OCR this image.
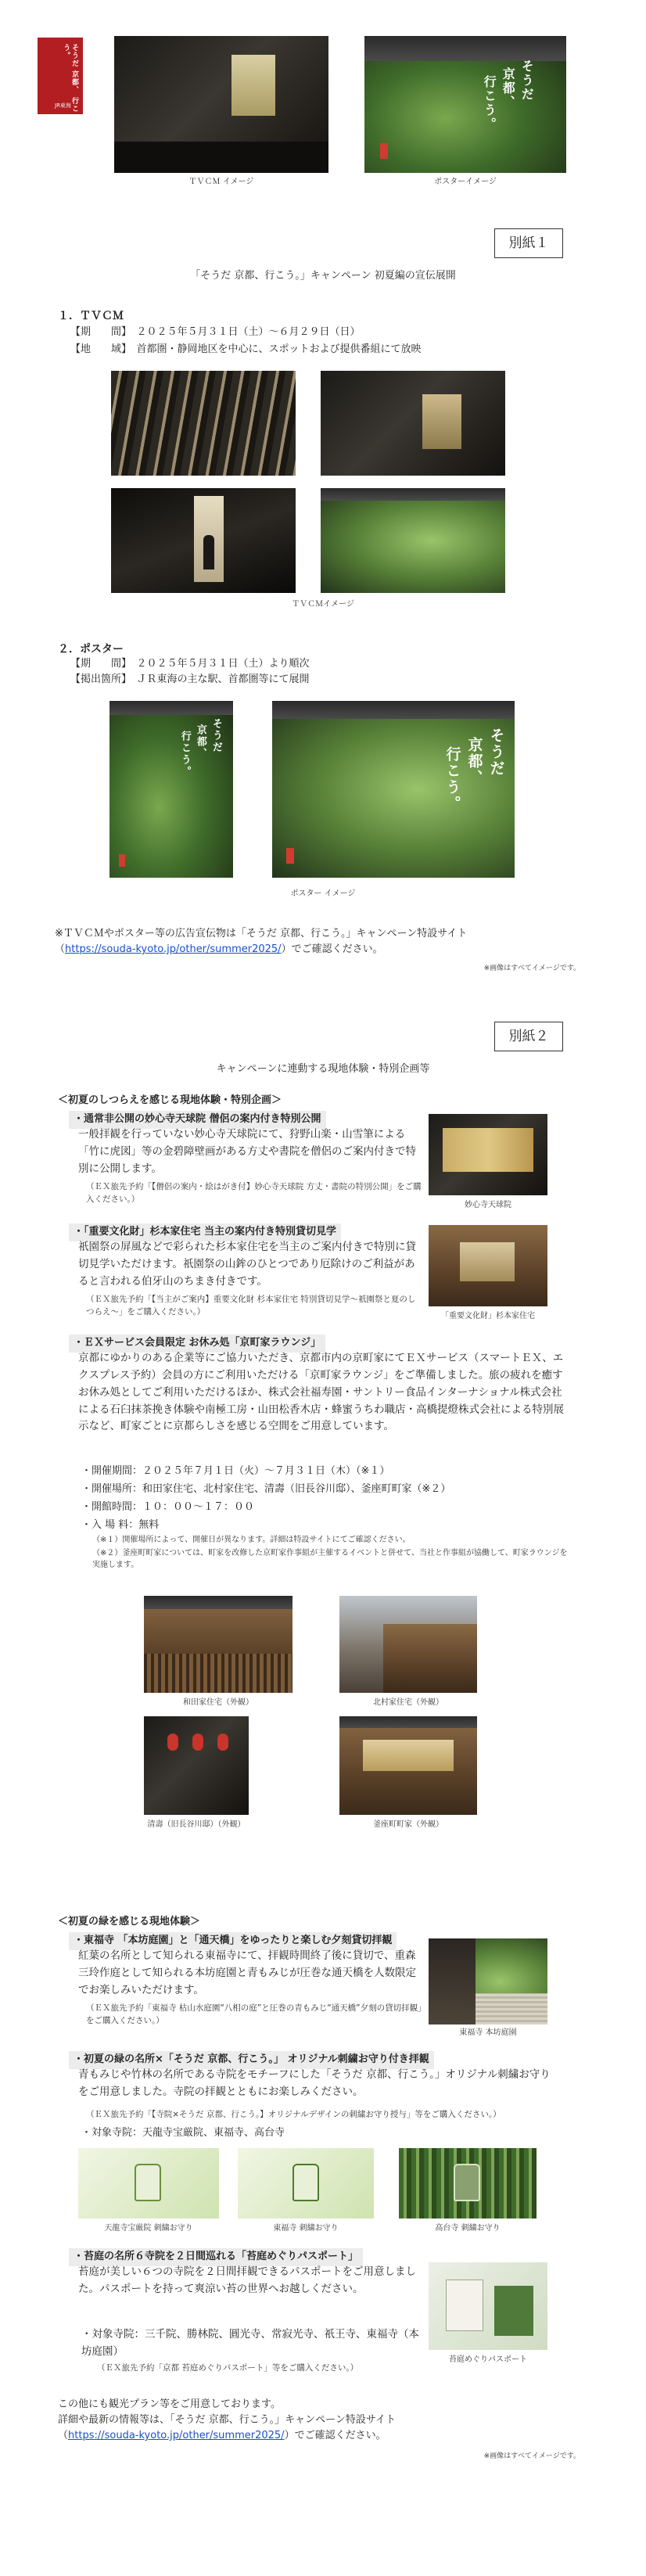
そうだ 京都、 行こう。
JR東海
ＴＶＣＭ イメージ
そうだ
京都、
行こう。
ポスターイメージ
別紙１
「そうだ 京都、行こう。」キャンペーン 初夏編の宣伝展開
１．ＴＶＣＭ
【期　　間】　 ２０２５年５月３１日（土）～６月２９日（日）
【地　　域】　 首都圏・静岡地区を中心に、スポットおよび提供番組にて放映
ＴＶＣＭイメージ
２．ポスター
【期　　間】　 ２０２５年５月３１日（土）より順次
【掲出箇所】　 ＪＲ東海の主な駅、首都圏等にて展開
そうだ
京都、
行こう。	そうだ
京都、
行こう。
ポスター イメージ
※ＴＶＣＭやポスター等の広告宣伝物は「そうだ 京都、行こう。」キャンペーン特設サイト
（https://souda-kyoto.jp/other/summer2025/）でご確認ください。
※画像はすべてイメージです。
別紙２
キャンペーンに連動する現地体験・特別企画等
＜初夏のしつらえを感じる現地体験・特別企画＞
・通常非公開の妙心寺天球院 僧侶の案内付き特別公開
一般拝観を行っていない妙心寺天球院にて、狩野山楽・山雪筆による「竹に虎図」等の金碧障壁画がある方丈や書院を僧侶のご案内付きで特別に公開します。
（ＥＸ旅先予約「【僧侶の案内・絵はがき付】妙心寺天球院 方丈・書院の特別公開」をご購入ください。）
妙心寺天球院
・「重要文化財」杉本家住宅 当主の案内付き特別貸切見学
祇園祭の屏風などで彩られた杉本家住宅を当主のご案内付きで特別に貸切見学いただけます。祇園祭の山鉾のひとつであり厄除けのご利益があると言われる伯牙山のちまき付きです。
（ＥＸ旅先予約「【当主がご案内】重要文化財 杉本家住宅 特別貸切見学～祇園祭と夏のしつらえ～」をご購入ください。）	「重要文化財」杉本家住宅
・ＥＸサービス会員限定 お休み処「京町家ラウンジ」
京都にゆかりのある企業等にご協力いただき、京都市内の京町家にてＥＸサービス（スマートＥＸ、エクスプレス予約）会員の方にご利用いただける「京町家ラウンジ」をご準備しました。旅の疲れを癒すお休み処としてご利用いただけるほか、株式会社福寿園・サントリー食品インターナショナル株式会社による石臼抹茶挽き体験や南極工房・山田松香木店・蜂蜜うちわ職店・高橋提燈株式会社による特別展示など、町家ごとに京都らしさを感じる空間をご用意しています。
・開催期間：２０２５年７月１日（火）～７月３１日（木）（※１）
・開催場所：和田家住宅、北村家住宅、清壽（旧長谷川邸）、釜座町町家（※２）
・開館時間：１０：００～１７：００
・入 場 料：無料
（※１）開催場所によって、開催日が異なります。詳細は特設サイトにてご確認ください。
（※２）釜座町町家については、町家を改修した京町家作事組が主催するイベントと併せて、当社と作事組が協働して、町家ラウンジを実施します。
和田家住宅（外観）	北村家住宅（外観）
清壽（旧長谷川邸）（外観）	釜座町町家（外観）
＜初夏の緑を感じる現地体験＞
・東福寺 「本坊庭園」と「通天橋」をゆったりと楽しむ夕刻貸切拝観
紅葉の名所として知られる東福寺にて、拝観時間終了後に貸切で、重森三玲作庭として知られる本坊庭園と青もみじが圧巻な通天橋を人数限定でお楽しみいただけます。
（ＥＸ旅先予約「東福寺 枯山水庭園“八相の庭”と圧巻の青もみじ“通天橋”夕刻の貸切拝観」をご購入ください。）
東福寺 本坊庭園
・初夏の緑の名所×「そうだ 京都、行こう。」 オリジナル刺繍お守り付き拝観
青もみじや竹林の名所である寺院をモチーフにした「そうだ 京都、行こう。」オリジナル刺繍お守りをご用意しました。寺院の拝観とともにお楽しみください。
（ＥＸ旅先予約「【寺院×そうだ 京都、行こう。】オリジナルデザインの刺繍お守り授与」等をご購入ください。）
・対象寺院：天龍寺宝厳院、東福寺、高台寺
天龍寺宝厳院 刺繍お守り	東福寺 刺繍お守り	高台寺 刺繍お守り
・苔庭の名所６寺院を２日間巡れる「苔庭めぐりパスポート」
苔庭が美しい６つの寺院を２日間拝観できるパスポートをご用意しました。パスポートを持って爽涼い苔の世界へお越しください。
・対象寺院：三千院、勝林院、圓光寺、常寂光寺、祇王寺、東福寺（本坊庭園）
（ＥＸ旅先予約「京都 苔庭めぐりパスポート」等をご購入ください。）
苔庭めぐりパスポート
この他にも観光プラン等をご用意しております。
詳細や最新の情報等は、「そうだ 京都、行こう。」キャンペーン特設サイト
（https://souda-kyoto.jp/other/summer2025/）でご確認ください。
※画像はすべてイメージです。
